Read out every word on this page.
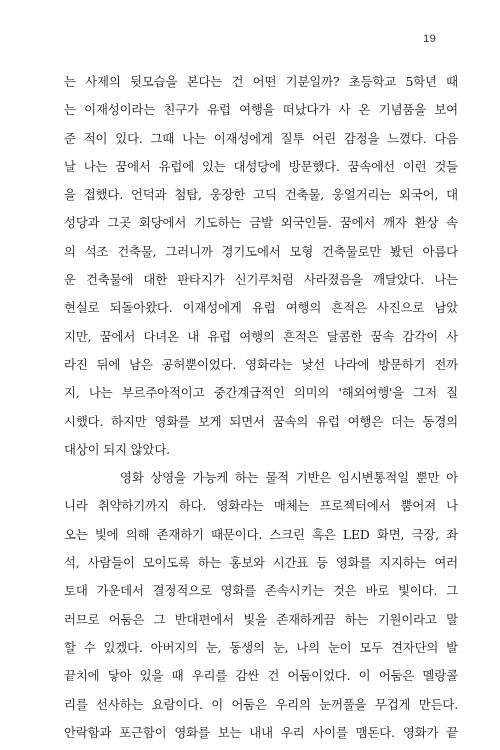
19
는 사제의 뒷모습을 본다는 건 어떤 기분일까? 초등학교 5학년 때
는 이재성이라는 친구가 유럽 여행을 떠났다가 사 온 기념품을 보여
준 적이 있다. 그때 나는 이재성에게 질투 어린 감정을 느꼈다. 다음
날 나는 꿈에서 유럽에 있는 대성당에 방문했다. 꿈속에선 이런 것들
을 접했다. 언덕과 첨탑, 웅장한 고딕 건축물, 웅얼거리는 외국어, 대
성당과 그곳 회당에서 기도하는 금발 외국인들. 꿈에서 깨자 환상 속
의 석조 건축물, 그러니까 경기도에서 모형 건축물로만 봤던 아름다
운 건축물에 대한 판타지가 신기루처럼 사라졌음을 깨달았다. 나는
현실로 되돌아왔다. 이재성에게 유럽 여행의 흔적은 사진으로 남았
지만, 꿈에서 다녀온 내 유럽 여행의 흔적은 달콤한 꿈속 감각이 사
라진 뒤에 남은 공허뿐이었다. 영화라는 낯선 나라에 방문하기 전까
지, 나는 부르주아적이고 중간계급적인 의미의 '해외여행'을 그저 질
시했다. 하지만 영화를 보게 되면서 꿈속의 유럽 여행은 더는 동경의
대상이 되지 않았다.
영화 상영을 가능케 하는 물적 기반은 임시변통적일 뿐만 아
니라 취약하기까지 하다. 영화라는 매체는 프로젝터에서 뿜어져 나
오는 빛에 의해 존재하기 때문이다. 스크린 혹은 LED 화면, 극장, 좌
석, 사람들이 모이도록 하는 홍보와 시간표 등 영화를 지지하는 여러
토대 가운데서 결정적으로 영화를 존속시키는 것은 바로 빛이다. 그
러므로 어둠은 그 반대편에서 빛을 존재하게끔 하는 기원이라고 말
할 수 있겠다. 아버지의 눈, 동생의 눈, 나의 눈이 모두 견자단의 발
끝치에 닿아 있을 때 우리를 감싼 건 어둠이었다. 이 어둠은 멜랑콜
리를 선사하는 요람이다. 이 어둠은 우리의 눈꺼풀을 무겁게 만든다.
안락함과 포근함이 영화를 보는 내내 우리 사이를 맴돈다. 영화가 끝
